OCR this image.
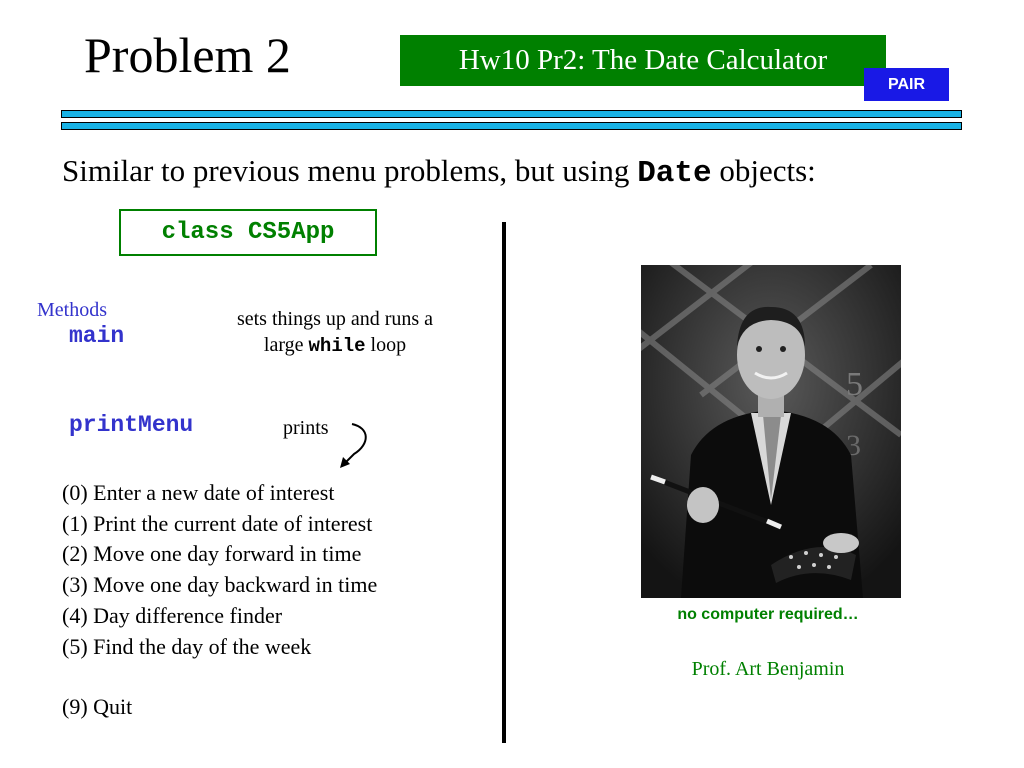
Problem 2	Hw10 Pr2: The Date Calculator
PAIR
Similar to previous menu problems, but using Date objects:
class CS5App
Methods
main
sets things up and runs a
large while loop
printMenu	prints
(0) Enter a new date of interest
(1) Print the current date of interest
(2) Move one day forward in time
(3) Move one day backward in time
(4) Day difference finder
(5) Find the day of the week
(9) Quit
5
3
no computer required…
Prof. Art Benjamin
